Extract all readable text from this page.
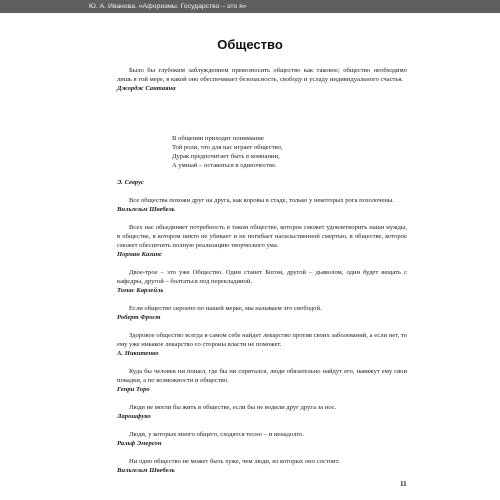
Ю. А. Иванова. «Афоризмы. Государство – это я»
Общество

Было бы глубоким заблуждением превозносить общество как таковое; общество необходимо лишь в той мере, в какой оно обеспечивает безопасность, свободу и усладу индивидуального счастья.

Джордж Сантаяна

В общении приходит понимание
Той роли, что для нас играет общество,
Дурак предпочитает быть в компании,
А умный – оставаться в одиночестве.

Э. Севрус

Все общества похожи друг на друга, как коровы в стаде, только у некоторых рога позолочены.

Вильгельм Швебель

Всех нас объединяет потребность в таком обществе, которое сможет удовлетворить наши нужды, в обществе, в котором никто не убивает и не погибает насильственной смертью, в обществе, которое сможет обеспечить полную реализацию творческого ума.

Норман Казинс

Двое-трое – это уже Общество. Один станет Богом, другой – дьяволом, один будет вещать с кафедры, другой – болтаться под перекладиной.

Томас Карлейль

Если общество скроено по нашей мерке, мы называем это свободой.

Роберт Фрост

Здоровое общество всегда в самом себе найдет лекарство против своих заболеваний, а если нет, то ему уже никакое лекарство со стороны власти не поможет.

А. Никитенко

Куда бы человек ни пошел, где бы ни спрятался, люди обязательно найдут его, навяжут ему свои повадки, а по возможности и общество.

Генри Торо

Люди не могли бы жить в обществе, если бы не водили друг друга за нос.

Ларошфуко

Люди, у которых много общего, сходятся тесно – и ненадолго.

Ральф Эмерсон

Ни одно общество не может быть хуже, чем люди, из которых оно состоит.

Вильгельм Швебель

11
